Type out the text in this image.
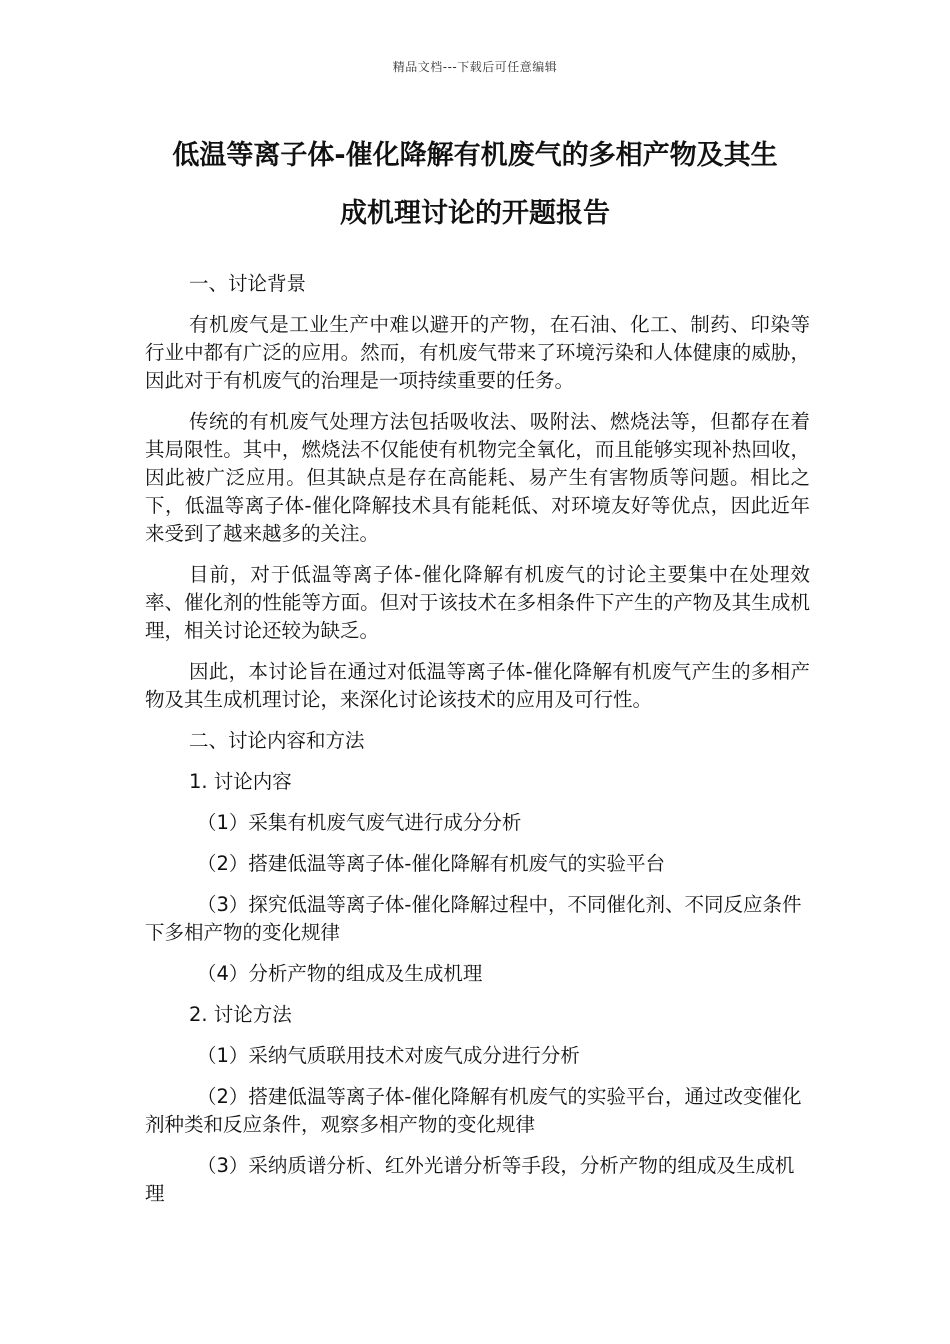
精品文档---下载后可任意编辑
低温等离子体-催化降解有机废气的多相产物及其生
成机理讨论的开题报告

一、讨论背景

有机废气是工业生产中难以避开的产物，在石油、化工、制药、印染等行业中都有广泛的应用。然而，有机废气带来了环境污染和人体健康的威胁，因此对于有机废气的治理是一项持续重要的任务。

传统的有机废气处理方法包括吸收法、吸附法、燃烧法等，但都存在着其局限性。其中，燃烧法不仅能使有机物完全氧化，而且能够实现补热回收，因此被广泛应用。但其缺点是存在高能耗、易产生有害物质等问题。相比之下，低温等离子体-催化降解技术具有能耗低、对环境友好等优点，因此近年来受到了越来越多的关注。

目前，对于低温等离子体-催化降解有机废气的讨论主要集中在处理效率、催化剂的性能等方面。但对于该技术在多相条件下产生的产物及其生成机理，相关讨论还较为缺乏。

因此，本讨论旨在通过对低温等离子体-催化降解有机废气产生的多相产物及其生成机理讨论，来深化讨论该技术的应用及可行性。

二、讨论内容和方法

1. 讨论内容

（1）采集有机废气废气进行成分分析

（2）搭建低温等离子体-催化降解有机废气的实验平台

（3）探究低温等离子体-催化降解过程中，不同催化剂、不同反应条件下多相产物的变化规律

（4）分析产物的组成及生成机理

2. 讨论方法

（1）采纳气质联用技术对废气成分进行分析

（2）搭建低温等离子体-催化降解有机废气的实验平台，通过改变催化剂种类和反应条件，观察多相产物的变化规律

（3）采纳质谱分析、红外光谱分析等手段，分析产物的组成及生成机理
